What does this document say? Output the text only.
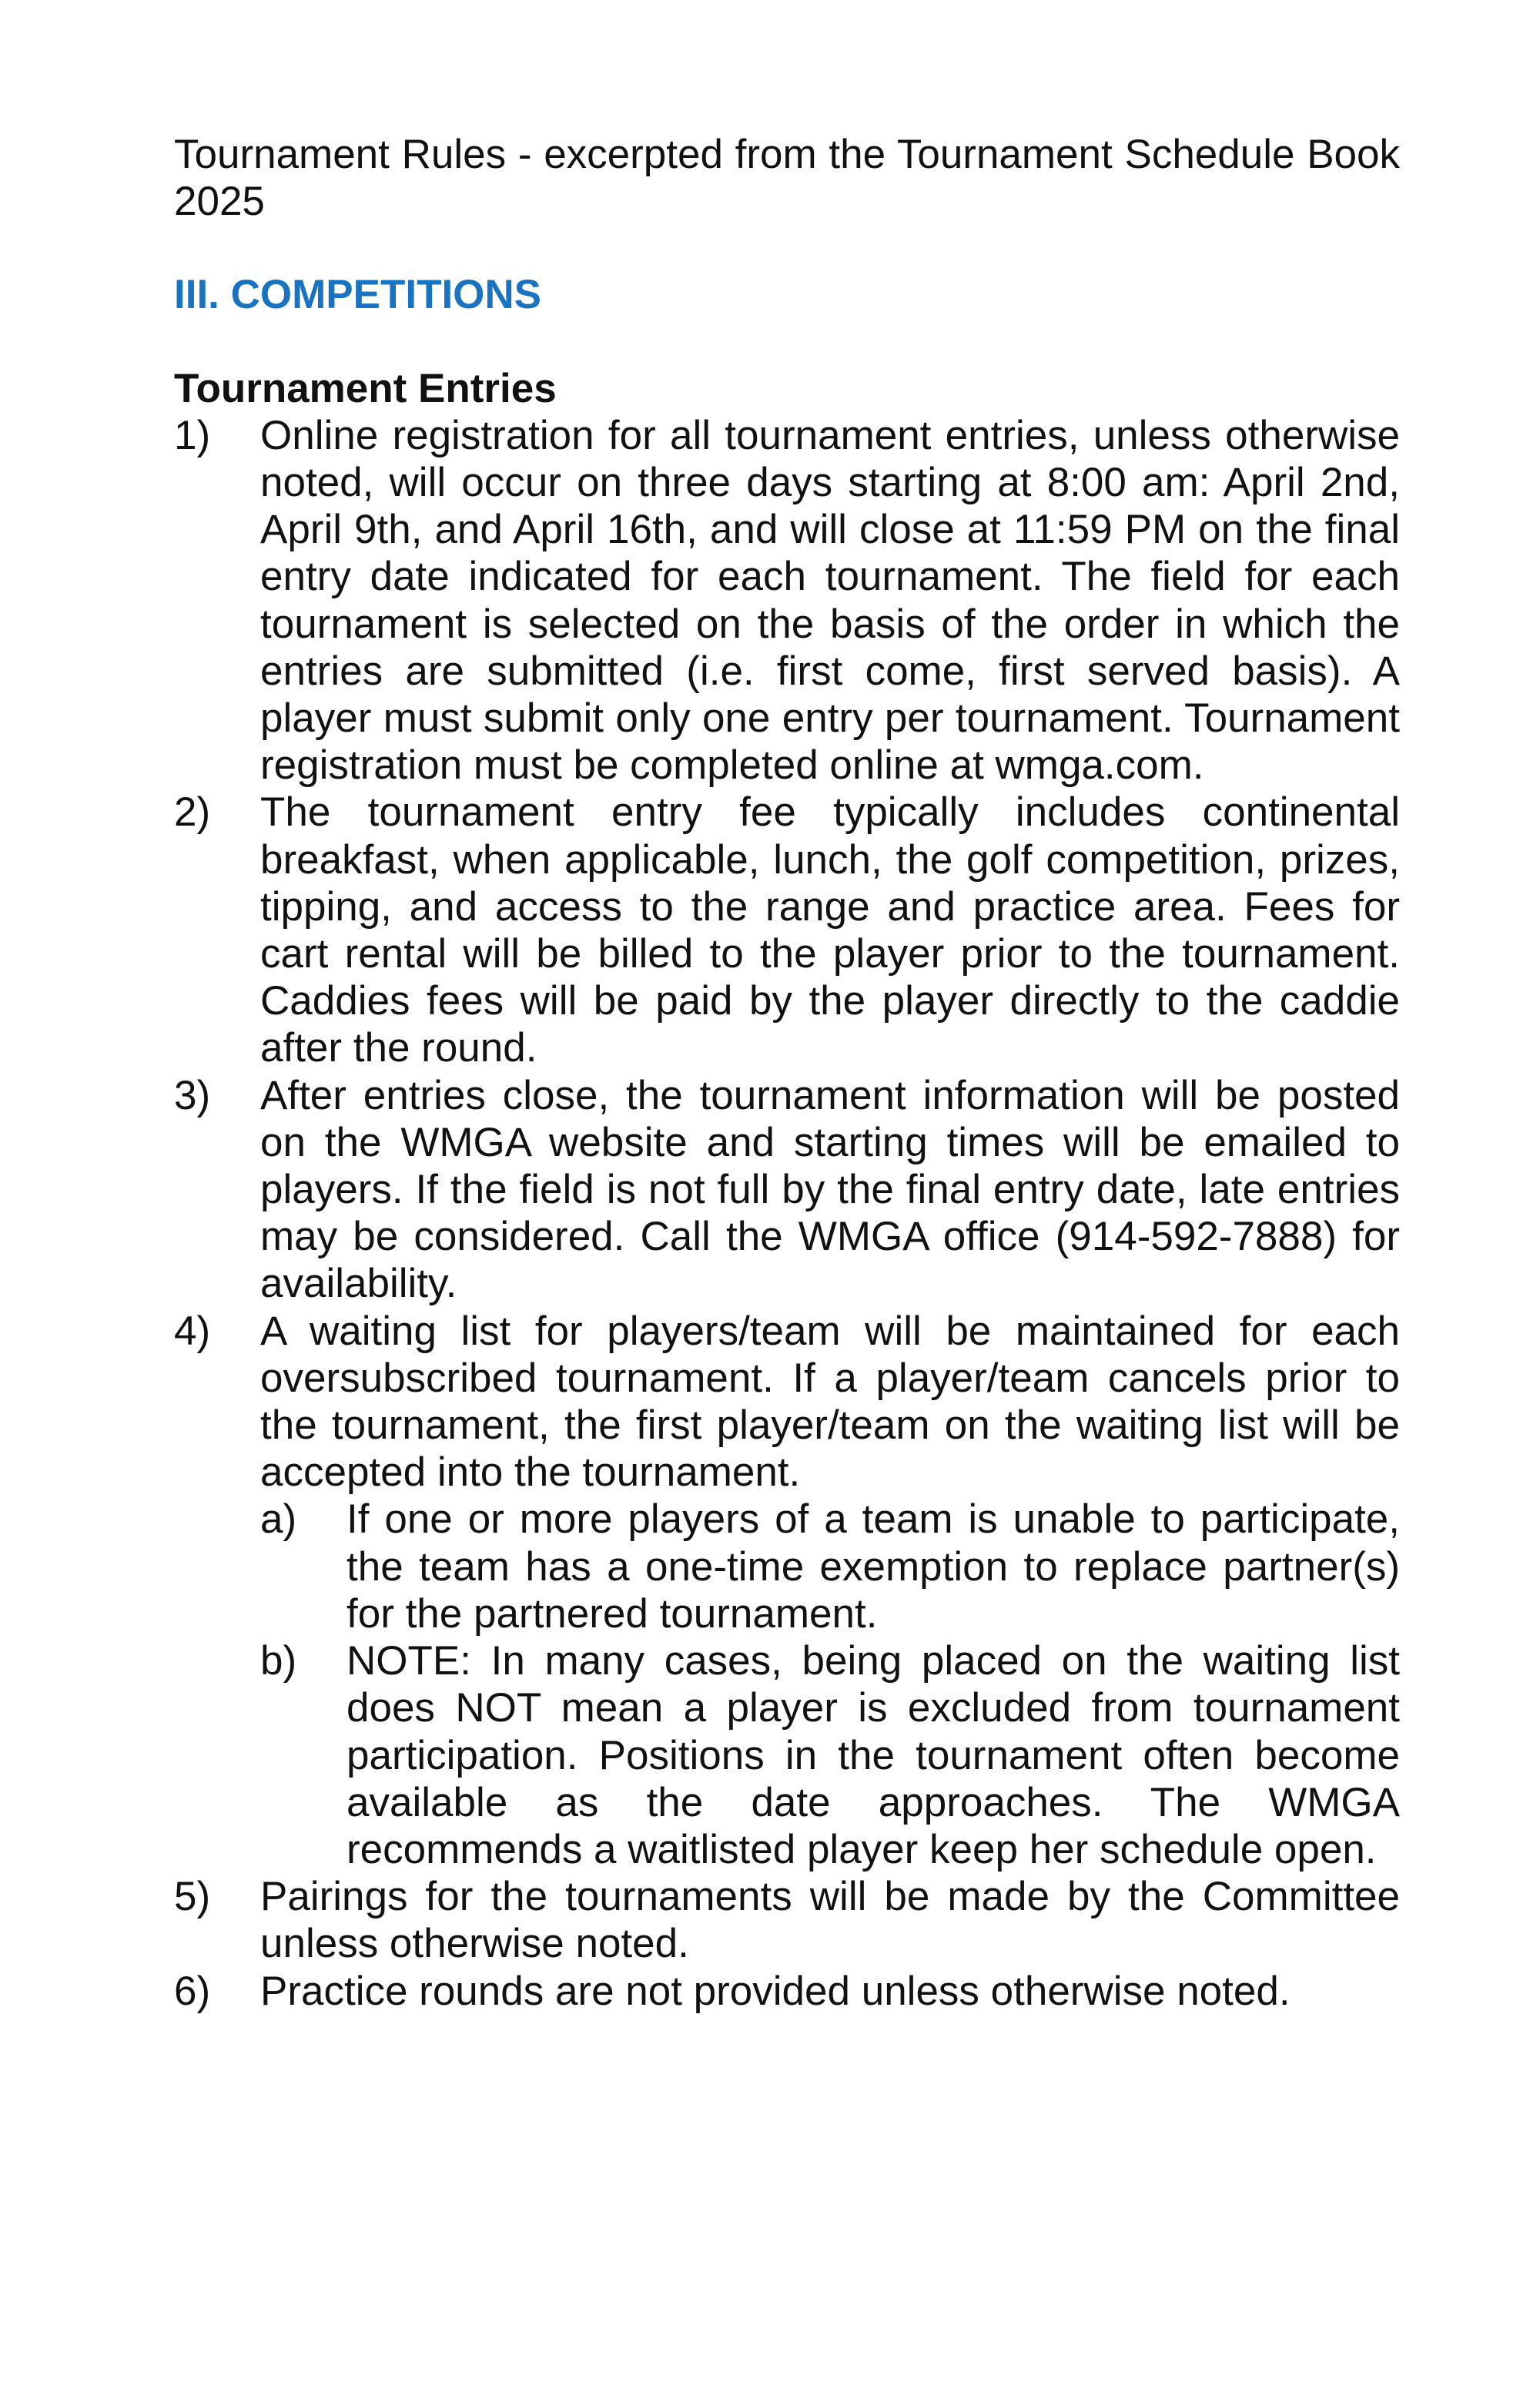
Tournament Rules - excerpted from the Tournament Schedule Book 2025

III. COMPETITIONS
Tournament Entries
1) Online registration for all tournament entries, unless otherwise noted, will occur on three days starting at 8:00 am: April 2nd, April 9th, and April 16th, and will close at 11:59 PM on the final entry date indicated for each tournament. The field for each tournament is selected on the basis of the order in which the entries are submitted (i.e. first come, first served basis). A player must submit only one entry per tournament. Tournament registration must be completed online at wmga.com.
2) The tournament entry fee typically includes continental breakfast, when applicable, lunch, the golf competition, prizes, tipping, and access to the range and practice area. Fees for cart rental will be billed to the player prior to the tournament. Caddies fees will be paid by the player directly to the caddie after the round.
3) After entries close, the tournament information will be posted on the WMGA website and starting times will be emailed to players. If the field is not full by the final entry date, late entries may be considered. Call the WMGA office (914-592-7888) for availability.
4) A waiting list for players/team will be maintained for each oversubscribed tournament. If a player/team cancels prior to the tournament, the first player/team on the waiting list will be accepted into the tournament.
a) If one or more players of a team is unable to participate, the team has a one-time exemption to replace partner(s) for the partnered tournament.
b) NOTE: In many cases, being placed on the waiting list does NOT mean a player is excluded from tournament participation. Positions in the tournament often become available as the date approaches. The WMGA recommends a waitlisted player keep her schedule open.
5) Pairings for the tournaments will be made by the Committee unless otherwise noted.
6) Practice rounds are not provided unless otherwise noted.
